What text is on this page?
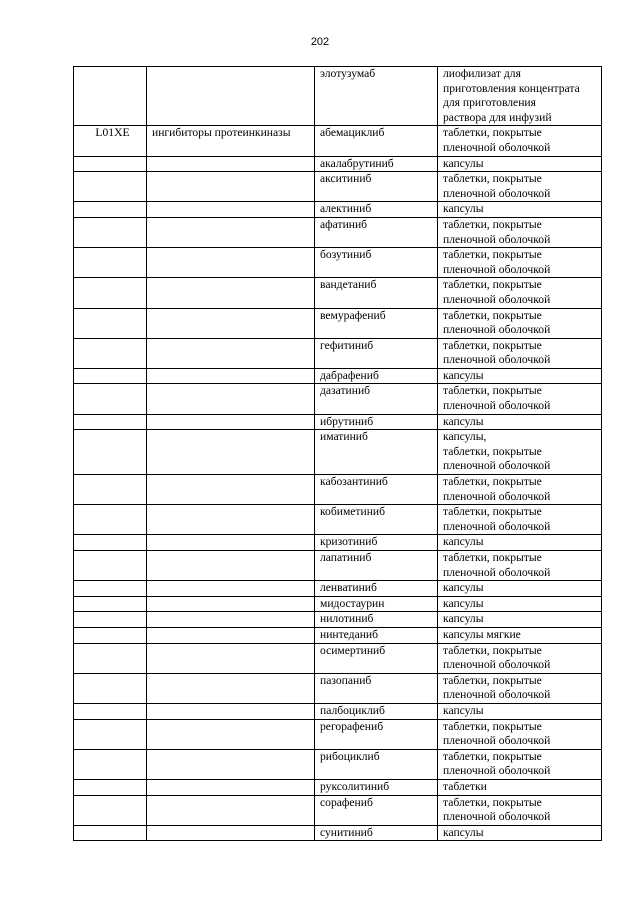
202
		элотузумаб	лиофилизат для
приготовления концентрата
для приготовления
раствора для инфузий
L01XE	ингибиторы протеинкиназы	абемациклиб	таблетки, покрытые
пленочной оболочкой
		акалабрутиниб	капсулы
		акситиниб	таблетки, покрытые
пленочной оболочкой
		алектиниб	капсулы
		афатиниб	таблетки, покрытые
пленочной оболочкой
		бозутиниб	таблетки, покрытые
пленочной оболочкой
		вандетаниб	таблетки, покрытые
пленочной оболочкой
		вемурафениб	таблетки, покрытые
пленочной оболочкой
		гефитиниб	таблетки, покрытые
пленочной оболочкой
		дабрафениб	капсулы
		дазатиниб	таблетки, покрытые
пленочной оболочкой
		ибрутиниб	капсулы
		иматиниб	капсулы,
таблетки, покрытые
пленочной оболочкой
		кабозантиниб	таблетки, покрытые
пленочной оболочкой
		кобиметиниб	таблетки, покрытые
пленочной оболочкой
		кризотиниб	капсулы
		лапатиниб	таблетки, покрытые
пленочной оболочкой
		ленватиниб	капсулы
		мидостаурин	капсулы
		нилотиниб	капсулы
		нинтеданиб	капсулы мягкие
		осимертиниб	таблетки, покрытые
пленочной оболочкой
		пазопаниб	таблетки, покрытые
пленочной оболочкой
		палбоциклиб	капсулы
		регорафениб	таблетки, покрытые
пленочной оболочкой
		рибоциклиб	таблетки, покрытые
пленочной оболочкой
		руксолитиниб	таблетки
		сорафениб	таблетки, покрытые
пленочной оболочкой
		сунитиниб	капсулы
